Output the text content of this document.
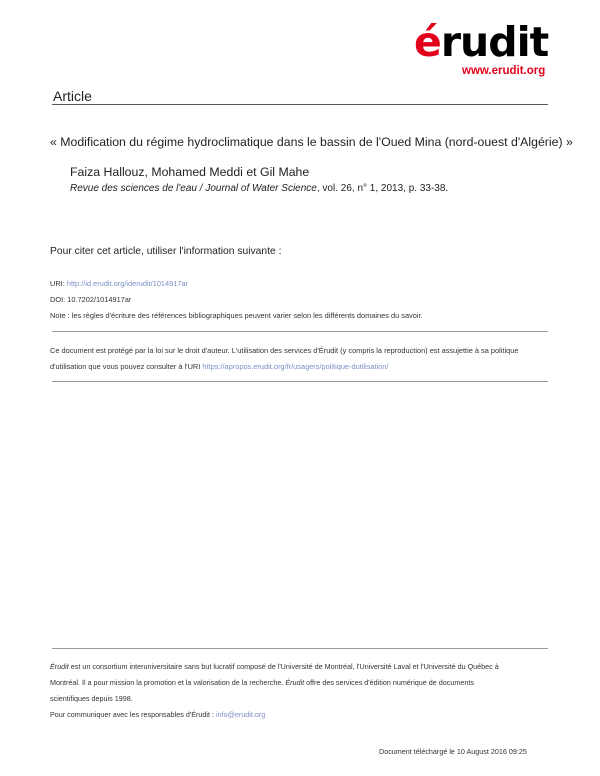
érudit
www.erudit.org
Article
« Modification du régime hydroclimatique dans le bassin de l'Oued Mina (nord-ouest d'Algérie) »
Faiza Hallouz, Mohamed Meddi et Gil Mahe
Revue des sciences de l'eau / Journal of Water Science, vol. 26, n° 1, 2013, p. 33-38.
Pour citer cet article, utiliser l'information suivante :
URI: http://id.erudit.org/iderudit/1014917ar
DOI: 10.7202/1014917ar
Note : les règles d'écriture des références bibliographiques peuvent varier selon les différents domaines du savoir.
Ce document est protégé par la loi sur le droit d'auteur. L'utilisation des services d'Érudit (y compris la reproduction) est assujettie à sa politique
d'utilisation que vous pouvez consulter à l'URI https://apropos.erudit.org/fr/usagers/politique-dutilisation/
Érudit est un consortium interuniversitaire sans but lucratif composé de l'Université de Montréal, l'Université Laval et l'Université du Québec à
Montréal. Il a pour mission la promotion et la valorisation de la recherche. Érudit offre des services d'édition numérique de documents
scientifiques depuis 1998.
Pour communiquer avec les responsables d'Érudit : info@erudit.org
Document téléchargé le 10 August 2016 09:25
